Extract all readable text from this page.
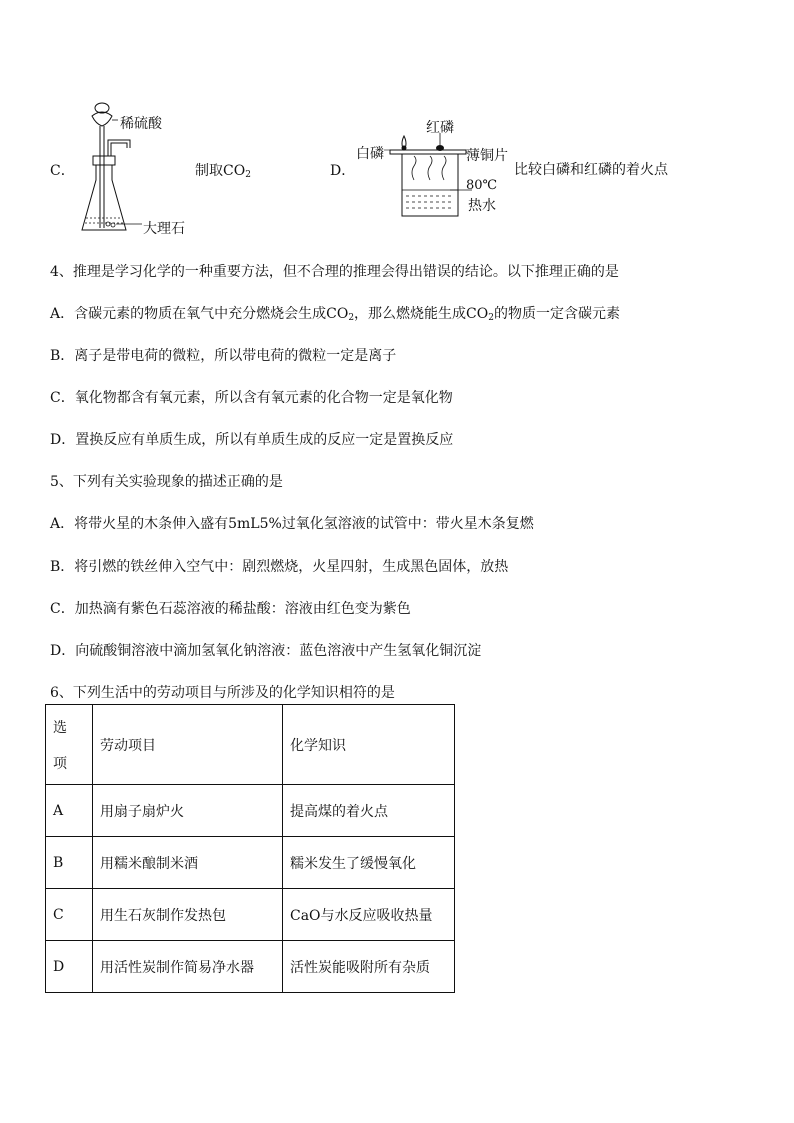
C．
稀硫酸
大理石
制取$CO_2$	D．
红磷
白磷	薄铜片
80℃
热水
比较白磷和红磷的着火点
4、推理是学习化学的一种重要方法，但不合理的推理会得出错误的结论。以下推理正确的是
A．含碳元素的物质在氧气中充分燃烧会生成$CO_2$，那么燃烧能生成$CO_2$的物质一定含碳元素
B．离子是带电荷的微粒，所以带电荷的微粒一定是离子
C．氧化物都含有氧元素，所以含有氧元素的化合物一定是氧化物
D．置换反应有单质生成，所以有单质生成的反应一定是置换反应
5、下列有关实验现象的描述正确的是
A．将带火星的木条伸入盛有5mL5%过氧化氢溶液的试管中：带火星木条复燃
B．将引燃的铁丝伸入空气中：剧烈燃烧，火星四射，生成黑色固体，放热
C．加热滴有紫色石蕊溶液的稀盐酸：溶液由红色变为紫色
D．向硫酸铜溶液中滴加氢氧化钠溶液：蓝色溶液中产生氢氧化铜沉淀
6、下列生活中的劳动项目与所涉及的化学知识相符的是
选

项	劳动项目	化学知识
A	用扇子扇炉火	提高煤的着火点
B	用糯米酿制米酒	糯米发生了缓慢氧化
C	用生石灰制作发热包	CaO与水反应吸收热量
D	用活性炭制作简易净水器	活性炭能吸附所有杂质
